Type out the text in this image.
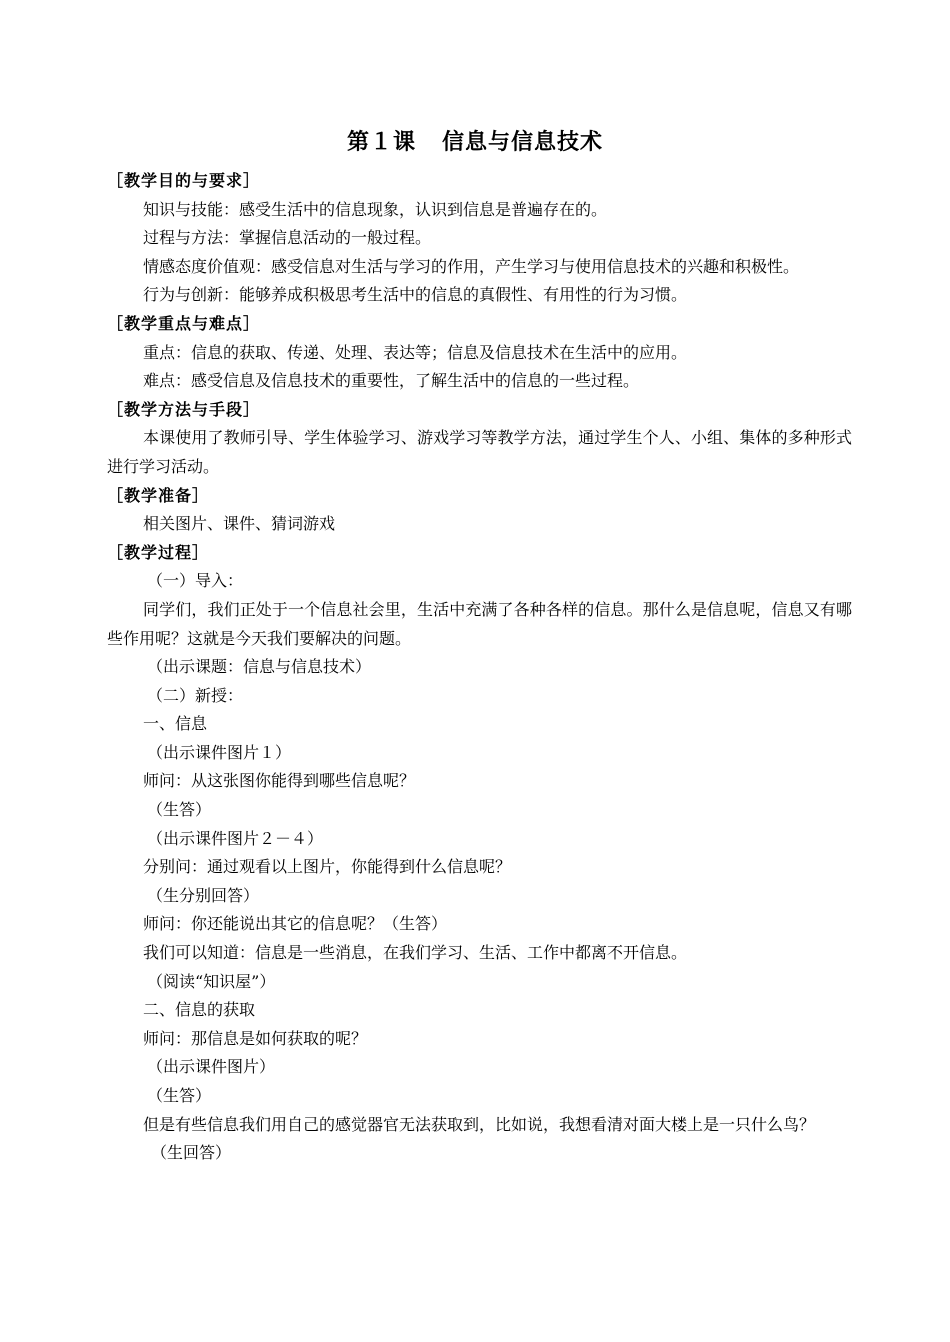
第１课   信息与信息技术
［教学目的与要求］
知识与技能：感受生活中的信息现象，认识到信息是普遍存在的。
过程与方法：掌握信息活动的一般过程。
情感态度价值观：感受信息对生活与学习的作用，产生学习与使用信息技术的兴趣和积极性。
行为与创新：能够养成积极思考生活中的信息的真假性、有用性的行为习惯。
［教学重点与难点］
重点：信息的获取、传递、处理、表达等；信息及信息技术在生活中的应用。
难点：感受信息及信息技术的重要性，了解生活中的信息的一些过程。
［教学方法与手段］
本课使用了教师引导、学生体验学习、游戏学习等教学方法，通过学生个人、小组、集体的多种形式进行学习活动。
［教学准备］
相关图片、课件、猜词游戏
［教学过程］
（一）导入：
同学们，我们正处于一个信息社会里，生活中充满了各种各样的信息。那什么是信息呢，信息又有哪些作用呢？这就是今天我们要解决的问题。
（出示课题：信息与信息技术）
（二）新授：
一、信息
（出示课件图片１）
师问：从这张图你能得到哪些信息呢？
（生答）
（出示课件图片２－４）
分别问：通过观看以上图片，你能得到什么信息呢？
（生分别回答）
师问：你还能说出其它的信息呢？（生答）
我们可以知道：信息是一些消息，在我们学习、生活、工作中都离不开信息。
（阅读“知识屋”）
二、信息的获取
师问：那信息是如何获取的呢？
（出示课件图片）
（生答）
但是有些信息我们用自己的感觉器官无法获取到，比如说，我想看清对面大楼上是一只什么鸟？
（生回答）
